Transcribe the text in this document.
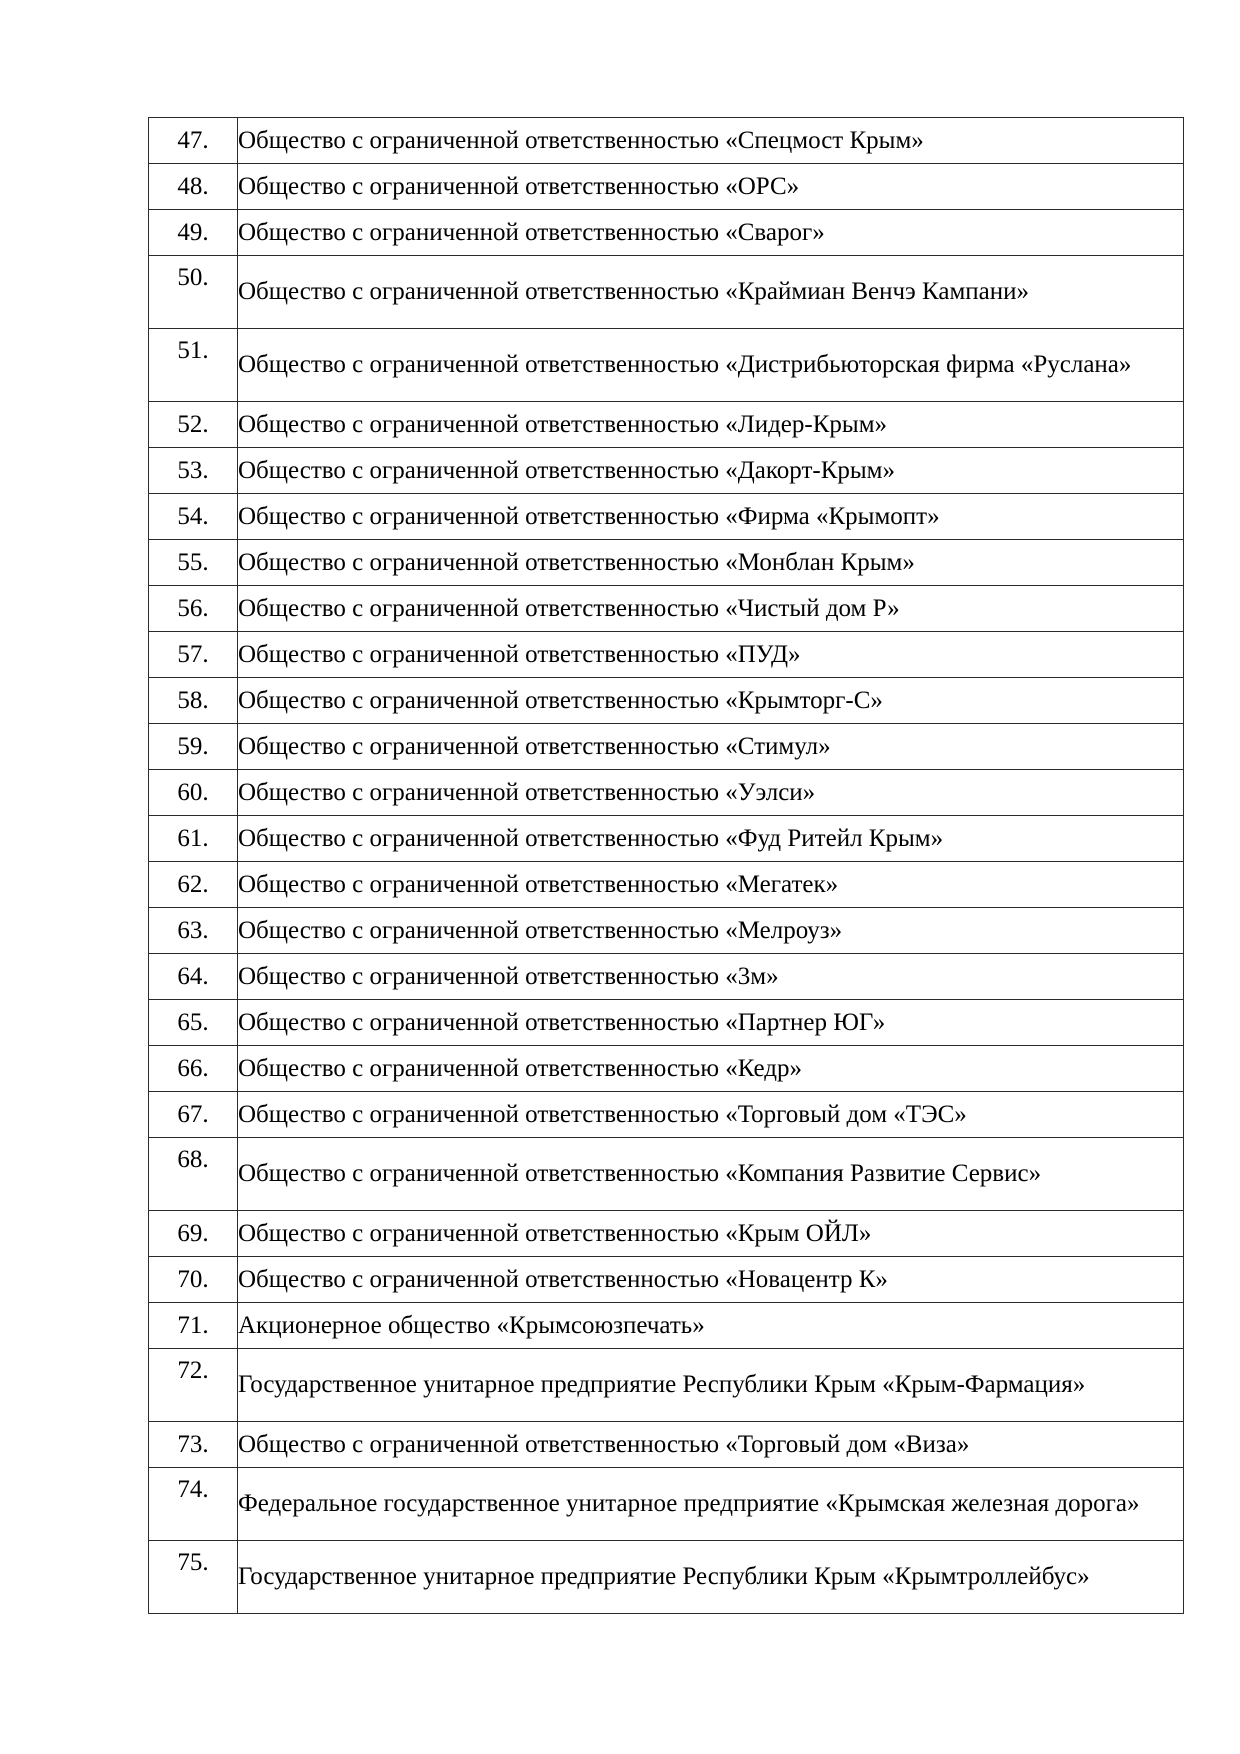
47.	Общество с ограниченной ответственностью «Спецмост Крым»
48.	Общество с ограниченной ответственностью «ОРС»
49.	Общество с ограниченной ответственностью «Сварог»
50.	Общество с ограниченной ответственностью «Краймиан Венчэ Кампани»
51.	Общество с ограниченной ответственностью «Дистрибьюторская фирма «Руслана»
52.	Общество с ограниченной ответственностью «Лидер-Крым»
53.	Общество с ограниченной ответственностью «Дакорт-Крым»
54.	Общество с ограниченной ответственностью «Фирма «Крымопт»
55.	Общество с ограниченной ответственностью «Монблан Крым»
56.	Общество с ограниченной ответственностью «Чистый дом Р»
57.	Общество с ограниченной ответственностью «ПУД»
58.	Общество с ограниченной ответственностью «Крымторг-С»
59.	Общество с ограниченной ответственностью «Стимул»
60.	Общество с ограниченной ответственностью «Уэлси»
61.	Общество с ограниченной ответственностью «Фуд Ритейл Крым»
62.	Общество с ограниченной ответственностью «Мегатек»
63.	Общество с ограниченной ответственностью «Мелроуз»
64.	Общество с ограниченной ответственностью «3м»
65.	Общество с ограниченной ответственностью «Партнер ЮГ»
66.	Общество с ограниченной ответственностью «Кедр»
67.	Общество с ограниченной ответственностью «Торговый дом «ТЭС»
68.	Общество с ограниченной ответственностью «Компания Развитие Сервис»
69.	Общество с ограниченной ответственностью «Крым ОЙЛ»
70.	Общество с ограниченной ответственностью «Новацентр К»
71.	Акционерное общество «Крымсоюзпечать»
72.	Государственное унитарное предприятие Республики Крым «Крым-Фармация»
73.	Общество с ограниченной ответственностью «Торговый дом «Виза»
74.	Федеральное государственное унитарное предприятие «Крымская железная дорога»
75.	Государственное унитарное предприятие Республики Крым «Крымтроллейбус»
